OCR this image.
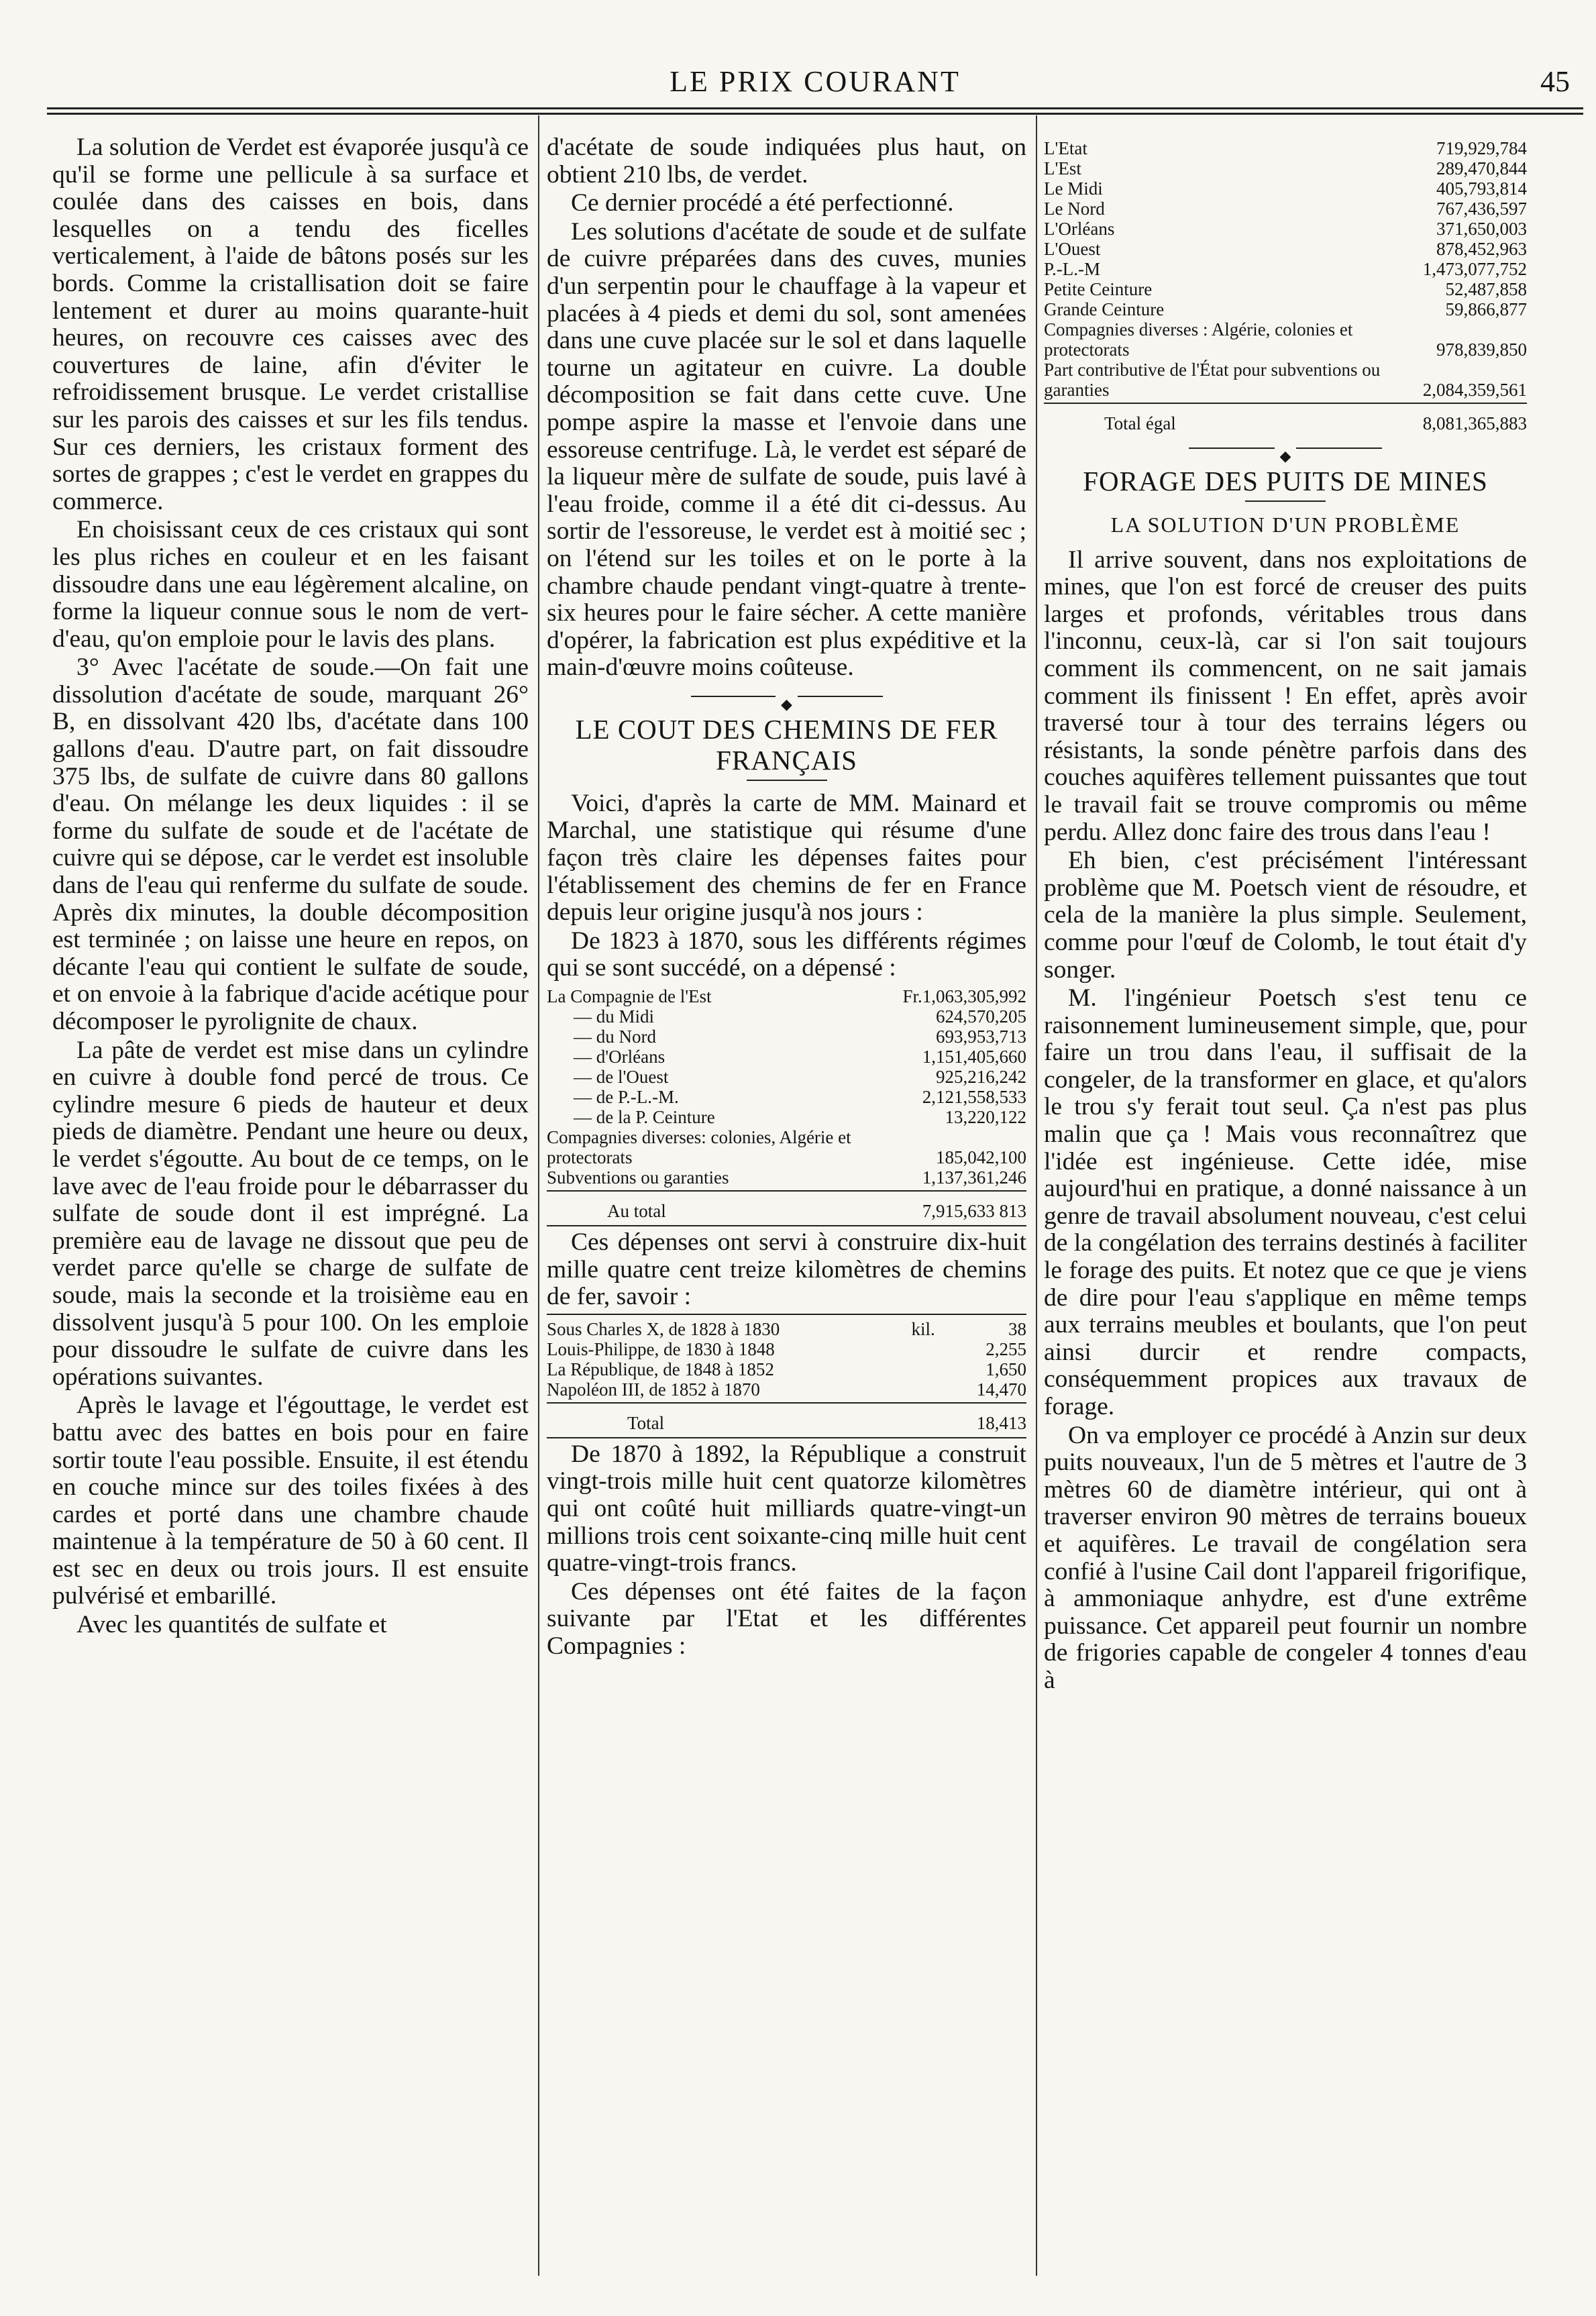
LE PRIX COURANT	45

La solution de Verdet est évaporée jusqu'à ce qu'il se forme une pellicule à sa surface et coulée dans des caisses en bois, dans lesquelles on a tendu des ficelles verticalement, à l'aide de bâtons posés sur les bords. Comme la cristallisation doit se faire lentement et durer au moins quarante-huit heures, on recouvre ces caisses avec des couvertures de laine, afin d'éviter le refroidissement brusque. Le verdet cristallise sur les parois des caisses et sur les fils tendus. Sur ces derniers, les cristaux forment des sortes de grappes ; c'est le verdet en grappes du commerce.

En choisissant ceux de ces cristaux qui sont les plus riches en couleur et en les faisant dissoudre dans une eau légèrement alcaline, on forme la liqueur connue sous le nom de vert-d'eau, qu'on emploie pour le lavis des plans.

3° Avec l'acétate de soude.—On fait une dissolution d'acétate de soude, marquant 26° B, en dissolvant 420 lbs, d'acétate dans 100 gallons d'eau. D'autre part, on fait dissoudre 375 lbs, de sulfate de cuivre dans 80 gallons d'eau. On mélange les deux liquides : il se forme du sulfate de soude et de l'acétate de cuivre qui se dépose, car le verdet est insoluble dans de l'eau qui renferme du sulfate de soude. Après dix minutes, la double décomposition est terminée ; on laisse une heure en repos, on décante l'eau qui contient le sulfate de soude, et on envoie à la fabrique d'acide acétique pour décomposer le pyrolignite de chaux.

La pâte de verdet est mise dans un cylindre en cuivre à double fond percé de trous. Ce cylindre mesure 6 pieds de hauteur et deux pieds de diamètre. Pendant une heure ou deux, le verdet s'égoutte. Au bout de ce temps, on le lave avec de l'eau froide pour le débarrasser du sulfate de soude dont il est imprégné. La première eau de lavage ne dissout que peu de verdet parce qu'elle se charge de sulfate de soude, mais la seconde et la troisième eau en dissolvent jusqu'à 5 pour 100. On les emploie pour dissoudre le sulfate de cuivre dans les opérations suivantes.

Après le lavage et l'égouttage, le verdet est battu avec des battes en bois pour en faire sortir toute l'eau possible. Ensuite, il est étendu en couche mince sur des toiles fixées à des cardes et porté dans une chambre chaude maintenue à la température de 50 à 60 cent. Il est sec en deux ou trois jours. Il est ensuite pulvérisé et embarillé.

Avec les quantités de sulfate et

d'acétate de soude indiquées plus haut, on obtient 210 lbs, de verdet.

Ce dernier procédé a été perfectionné.

Les solutions d'acétate de soude et de sulfate de cuivre préparées dans des cuves, munies d'un serpentin pour le chauffage à la vapeur et placées à 4 pieds et demi du sol, sont amenées dans une cuve placée sur le sol et dans laquelle tourne un agitateur en cuivre. La double décomposition se fait dans cette cuve. Une pompe aspire la masse et l'envoie dans une essoreuse centrifuge. Là, le verdet est séparé de la liqueur mère de sulfate de soude, puis lavé à l'eau froide, comme il a été dit ci-dessus. Au sortir de l'essoreuse, le verdet est à moitié sec ; on l'étend sur les toiles et on le porte à la chambre chaude pendant vingt-quatre à trente-six heures pour le faire sécher. A cette manière d'opérer, la fabrication est plus expéditive et la main-d'œuvre moins coûteuse.

◆
LE COUT DES CHEMINS DE FER FRANÇAIS

Voici, d'après la carte de MM. Mainard et Marchal, une statistique qui résume d'une façon très claire les dépenses faites pour l'établissement des chemins de fer en France depuis leur origine jusqu'à nos jours :

De 1823 à 1870, sous les différents régimes qui se sont succédé, on a dépensé :

La Compagnie de l'Est	Fr.	1,063,305,992
— du Midi		624,570,205
— du Nord		693,953,713
— d'Orléans		1,151,405,660
— de l'Ouest		925,216,242
— de P.-L.-M.		2,121,558,533
— de la P. Ceinture		13,220,122
Compagnies diverses: colonies, Algérie et protectorats		185,042,100
Subventions ou garanties		1,137,361,246

Au total		7,915,633 813

Ces dépenses ont servi à construire dix-huit mille quatre cent treize kilomètres de chemins de fer, savoir :

Sous Charles X, de 1828 à 1830	kil.	38
Louis-Philippe, de 1830 à 1848		2,255
La République, de 1848 à 1852		1,650
Napoléon III, de 1852 à 1870		14,470

Total		18,413

De 1870 à 1892, la République a construit vingt-trois mille huit cent quatorze kilomètres qui ont coûté huit milliards quatre-vingt-un millions trois cent soixante-cinq mille huit cent quatre-vingt-trois francs.

Ces dépenses ont été faites de la façon suivante par l'Etat et les différentes Compagnies :

L'Etat	719,929,784
L'Est	289,470,844
Le Midi	405,793,814
Le Nord	767,436,597
L'Orléans	371,650,003
L'Ouest	878,452,963
P.-L.-M	1,473,077,752
Petite Ceinture	52,487,858
Grande Ceinture	59,866,877
Compagnies diverses : Algérie, colonies et protectorats	978,839,850
Part contributive de l'État pour subventions ou garanties	2,084,359,561

Total égal	8,081,365,883
◆
FORAGE DES PUITS DE MINES
LA SOLUTION D'UN PROBLÈME

Il arrive souvent, dans nos exploitations de mines, que l'on est forcé de creuser des puits larges et profonds, véritables trous dans l'inconnu, ceux-là, car si l'on sait toujours comment ils commencent, on ne sait jamais comment ils finissent ! En effet, après avoir traversé tour à tour des terrains légers ou résistants, la sonde pénètre parfois dans des couches aquifères tellement puissantes que tout le travail fait se trouve compromis ou même perdu. Allez donc faire des trous dans l'eau !

Eh bien, c'est précisément l'intéressant problème que M. Poetsch vient de résoudre, et cela de la manière la plus simple. Seulement, comme pour l'œuf de Colomb, le tout était d'y songer.

M. l'ingénieur Poetsch s'est tenu ce raisonnement lumineusement simple, que, pour faire un trou dans l'eau, il suffisait de la congeler, de la transformer en glace, et qu'alors le trou s'y ferait tout seul. Ça n'est pas plus malin que ça ! Mais vous reconnaîtrez que l'idée est ingénieuse. Cette idée, mise aujourd'hui en pratique, a donné naissance à un genre de travail absolument nouveau, c'est celui de la congélation des terrains destinés à faciliter le forage des puits. Et notez que ce que je viens de dire pour l'eau s'applique en même temps aux terrains meubles et boulants, que l'on peut ainsi durcir et rendre compacts, conséquemment propices aux travaux de forage.

On va employer ce procédé à Anzin sur deux puits nouveaux, l'un de 5 mètres et l'autre de 3 mètres 60 de diamètre intérieur, qui ont à traverser environ 90 mètres de terrains boueux et aquifères. Le travail de congélation sera confié à l'usine Cail dont l'appareil frigorifique, à ammoniaque anhydre, est d'une extrême puissance. Cet appareil peut fournir un nombre de frigories capable de congeler 4 tonnes d'eau à
